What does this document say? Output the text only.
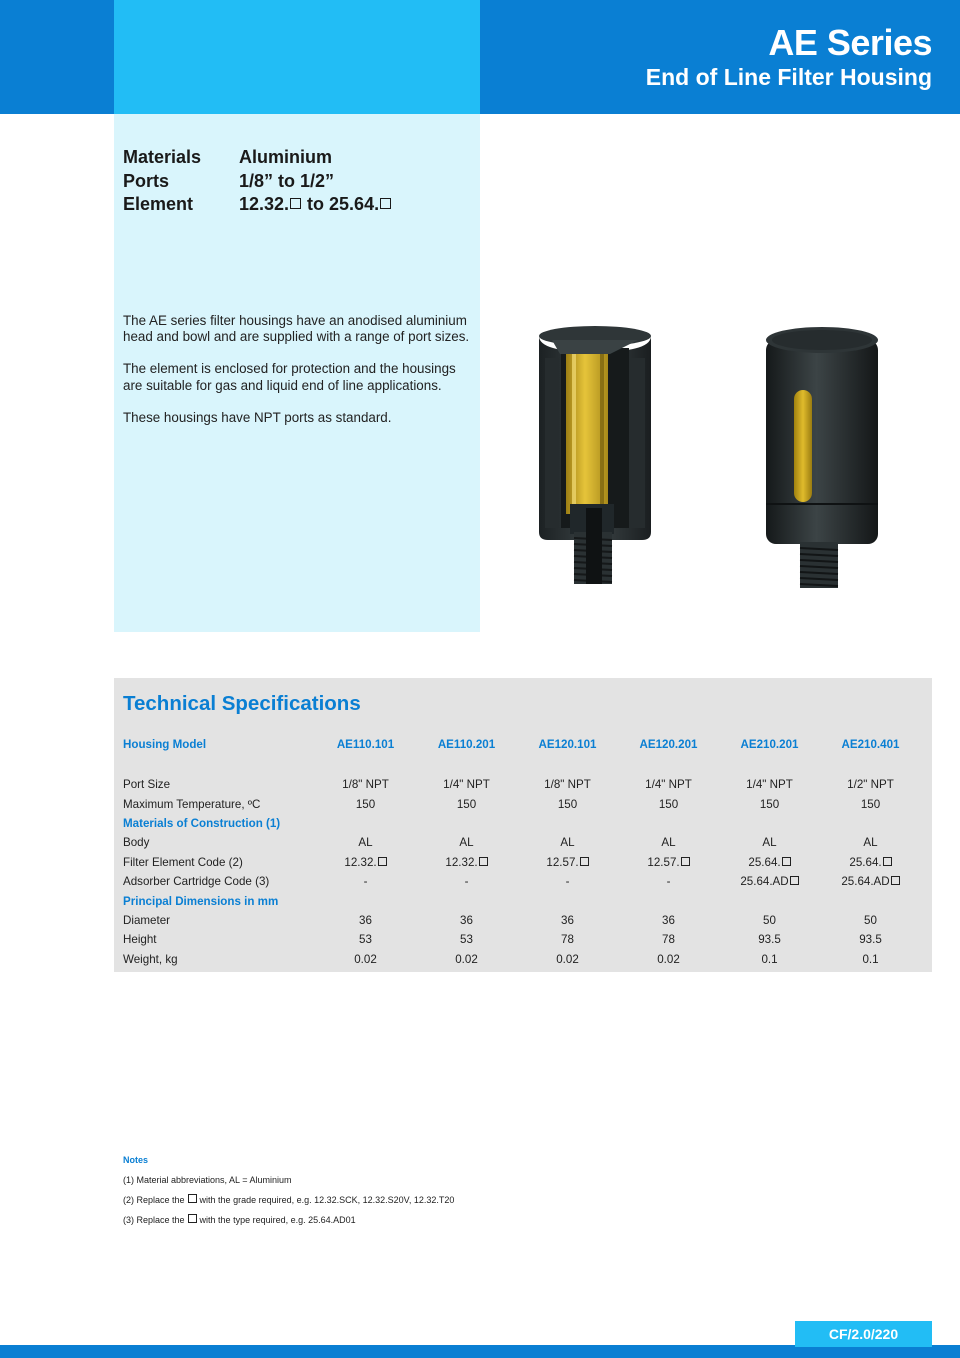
AE Series
End of Line Filter Housing
Materials	Aluminium
Ports	1/8” to 1/2”
Element	12.32. to 25.64.

The AE series filter housings have an anodised aluminium head and bowl and are supplied with a range of port sizes.

The element is enclosed for protection and the housings are suitable for gas and liquid end of line applications.

These housings have NPT ports as standard.

Technical Specifications
Housing Model	AE110.101	AE110.201	AE120.101	AE120.201	AE210.201	AE210.401
Port Size	1/8" NPT	1/4" NPT	1/8" NPT	1/4" NPT	1/4" NPT	1/2" NPT
Maximum Temperature, ºC	150	150	150	150	150	150
Materials of Construction (1)
Body	AL	AL	AL	AL	AL	AL
Filter Element Code (2)	12.32.	12.32.	12.57.	12.57.	25.64.	25.64.
Adsorber Cartridge Code (3)	-	-	-	-	25.64.AD	25.64.AD
Principal Dimensions in mm
Diameter	36	36	36	36	50	50
Height	53	53	78	78	93.5	93.5
Weight, kg	0.02	0.02	0.02	0.02	0.1	0.1
Notes
(1) Material abbreviations, AL = Aluminium
(2) Replace the  with the grade required, e.g. 12.32.SCK, 12.32.S20V, 12.32.T20
(3) Replace the  with the type required, e.g. 25.64.AD01
CF/2.0/220
